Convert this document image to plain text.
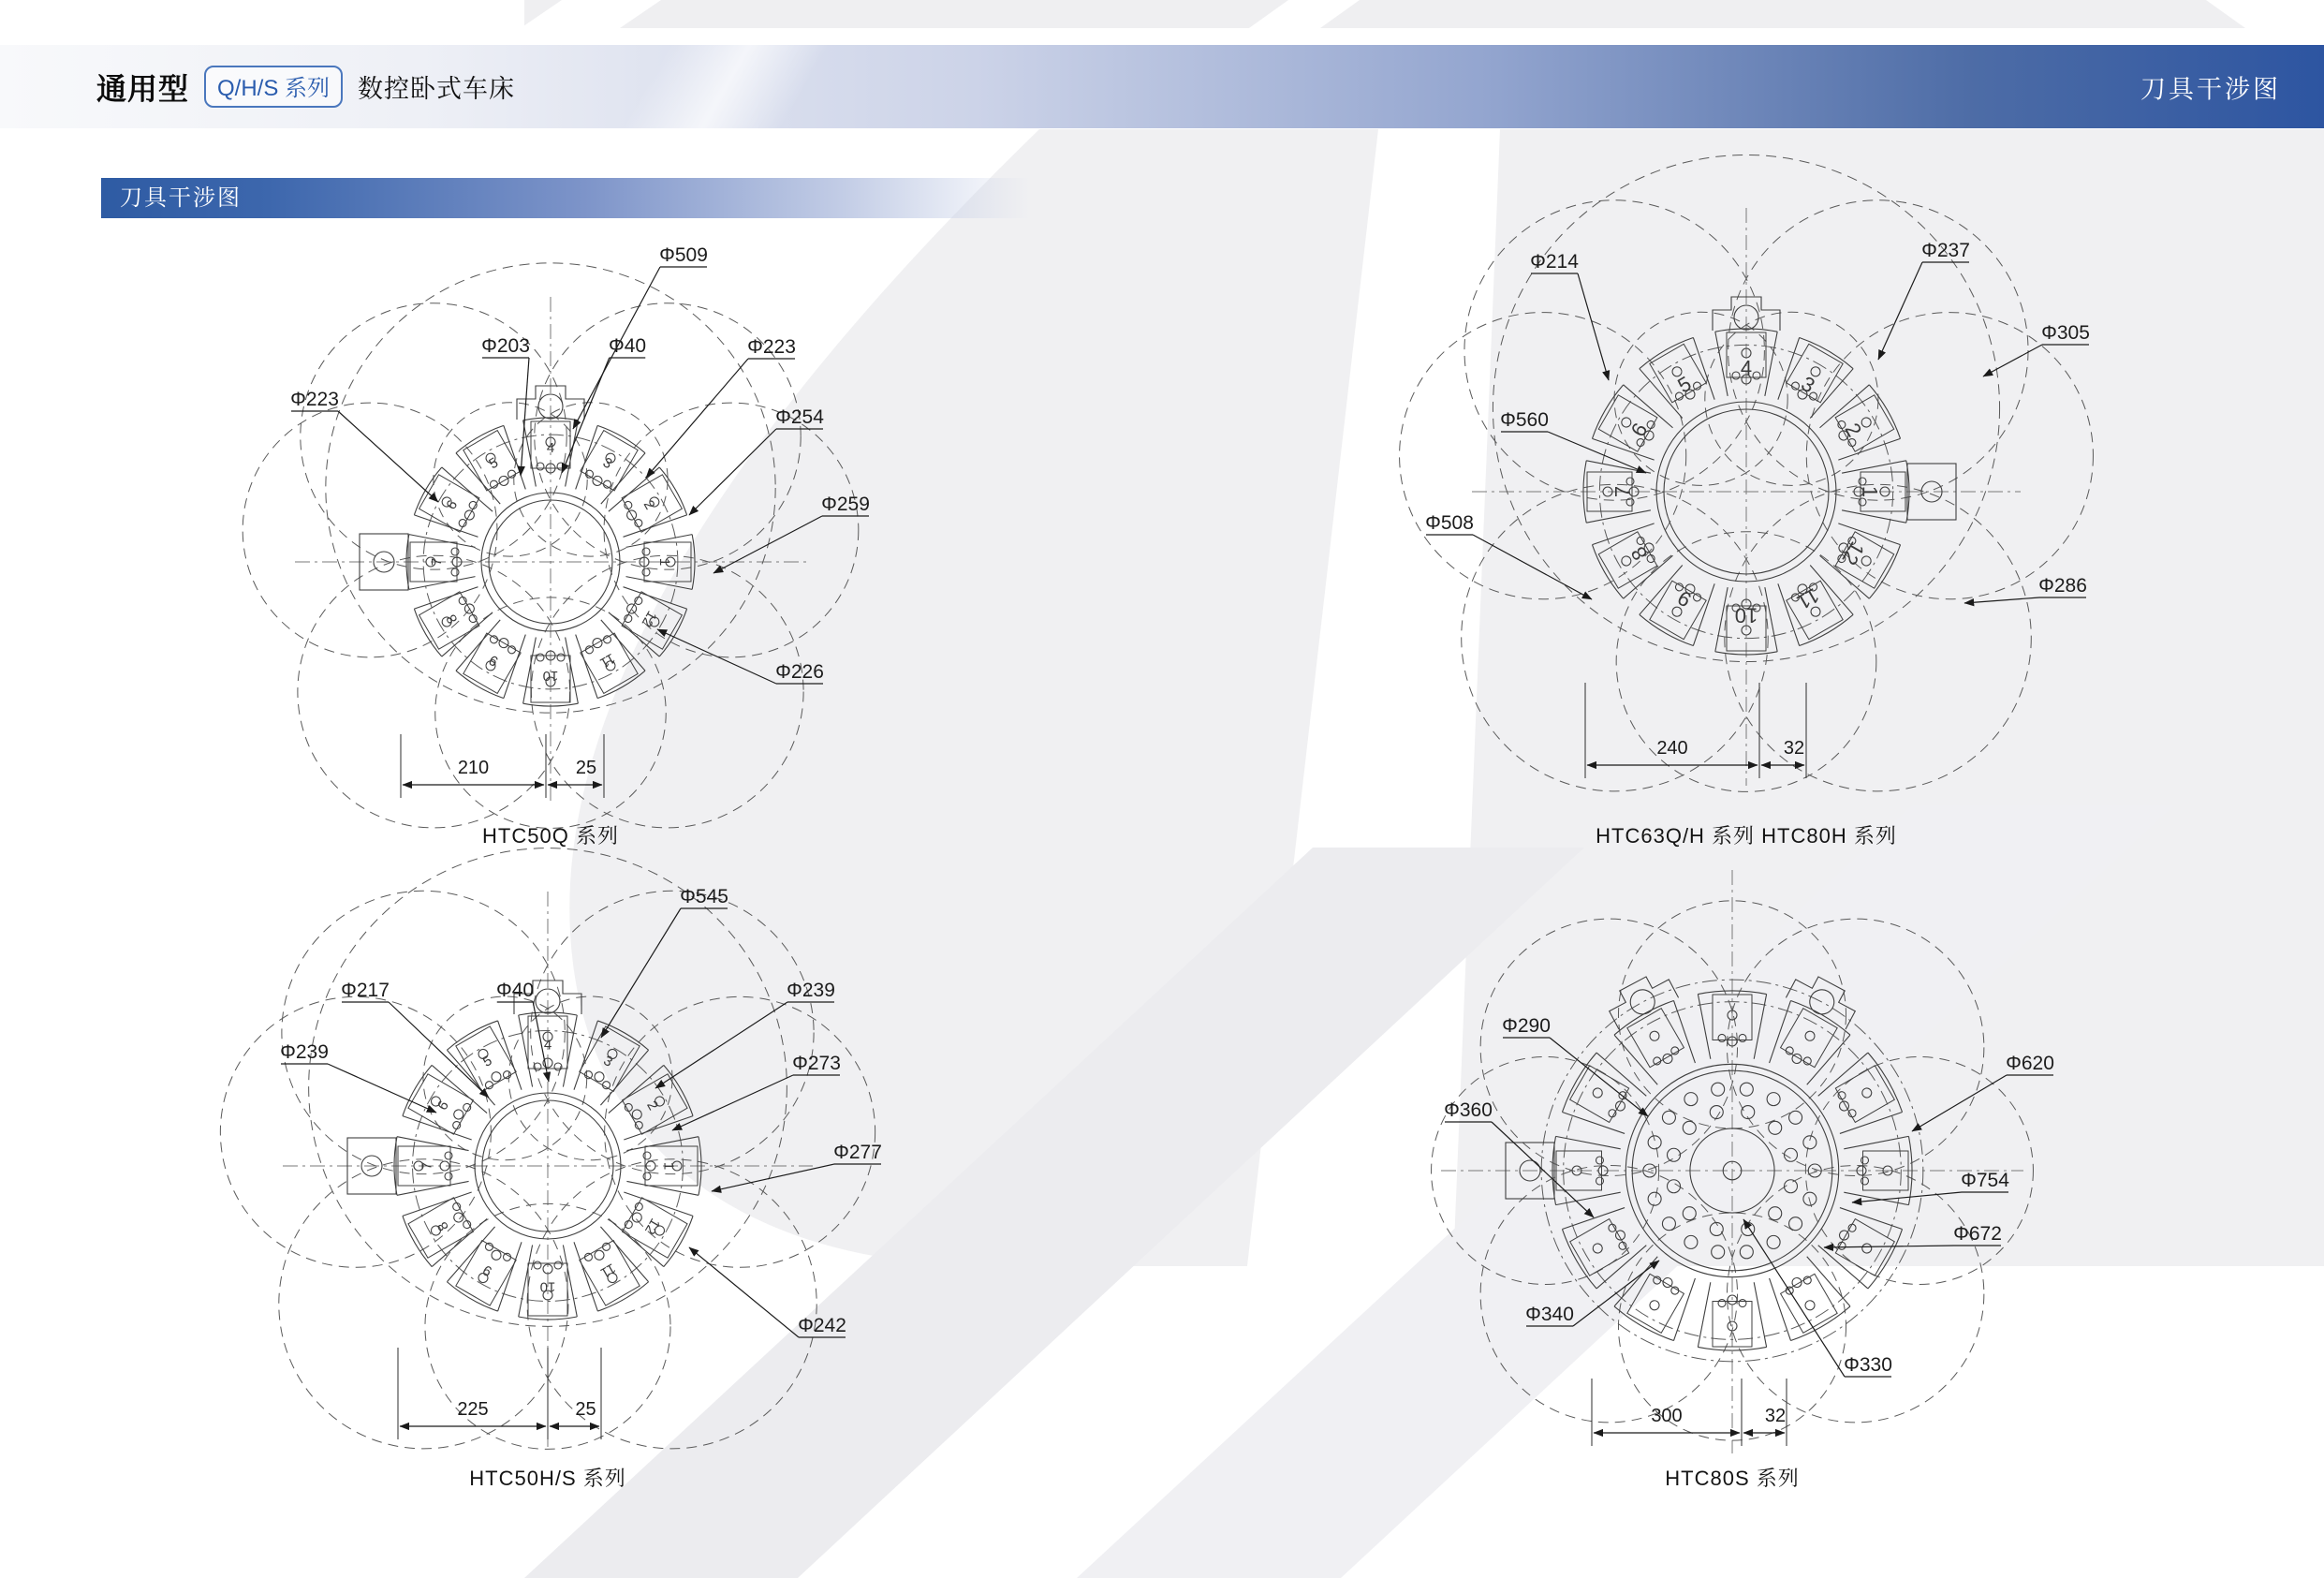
1
2
3
4
5
6
7
8
9
10
11
12
Φ509
Φ203	Φ40	Φ223
Φ223
Φ254
Φ259
Φ226
210	25
1
2
3
4
5
6
7
8
9
10
11
12
Φ214
Φ237
Φ305
Φ560
Φ508
Φ286
240	32
1
2
3
4
5
6
7
8
9
10
11
12
Φ545
Φ217	Φ40	Φ239
Φ239
Φ273
Φ277
Φ242
225	25
Φ290
Φ620
Φ360
Φ754
Φ672
Φ340
Φ330
300	32
通用型	Q/H/S 系列	数控卧式车床	刀具干涉图
刀具干涉图
HTC50Q 系列	HTC63Q/H 系列 HTC80H 系列
HTC50H/S 系列	HTC80S 系列
